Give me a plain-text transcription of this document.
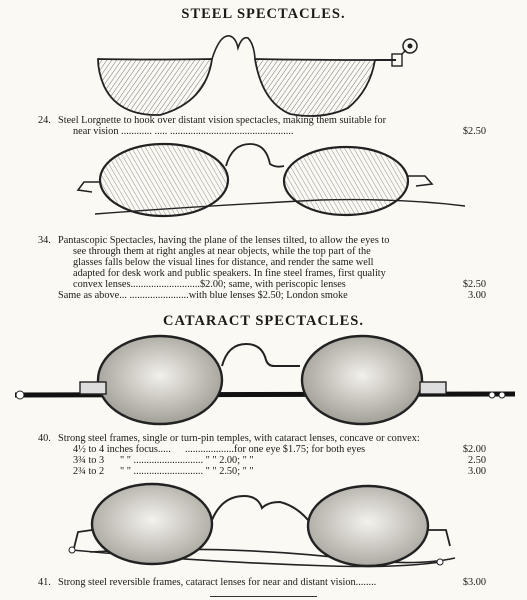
STEEL SPECTACLES.
24. Steel Lorgnette to hook over distant vision spectacles, making them suitable for
near vision ............ ..... ................................................	$2.50
34. Pantascopic Spectacles, having the plane of the lenses tilted, to allow the eyes to
see through them at right angles at near objects, while the top part of the
glasses falls below the visual lines for distance, and render the same well
adapted for desk work and public speakers. In fine steel frames, first quality
convex lenses...........................$2.00; same, with periscopic lenses	$2.50
Same as above... .......................with blue lenses $2.50; London smoke	3.00
CATARACT SPECTACLES.
40. Strong steel frames, single or turn-pin temples, with cataract lenses, concave or convex:
4½ to 4 inches focus..... ...................for one eye $1.75; for both eyes	$2.00
3¾ to 3 " " ........................... " " 2.00; " "	2.50
2¾ to 2 " " ........................... " " 2.50; " "	3.00
41. Strong steel reversible frames, cataract lenses for near and distant vision........	$3.00
